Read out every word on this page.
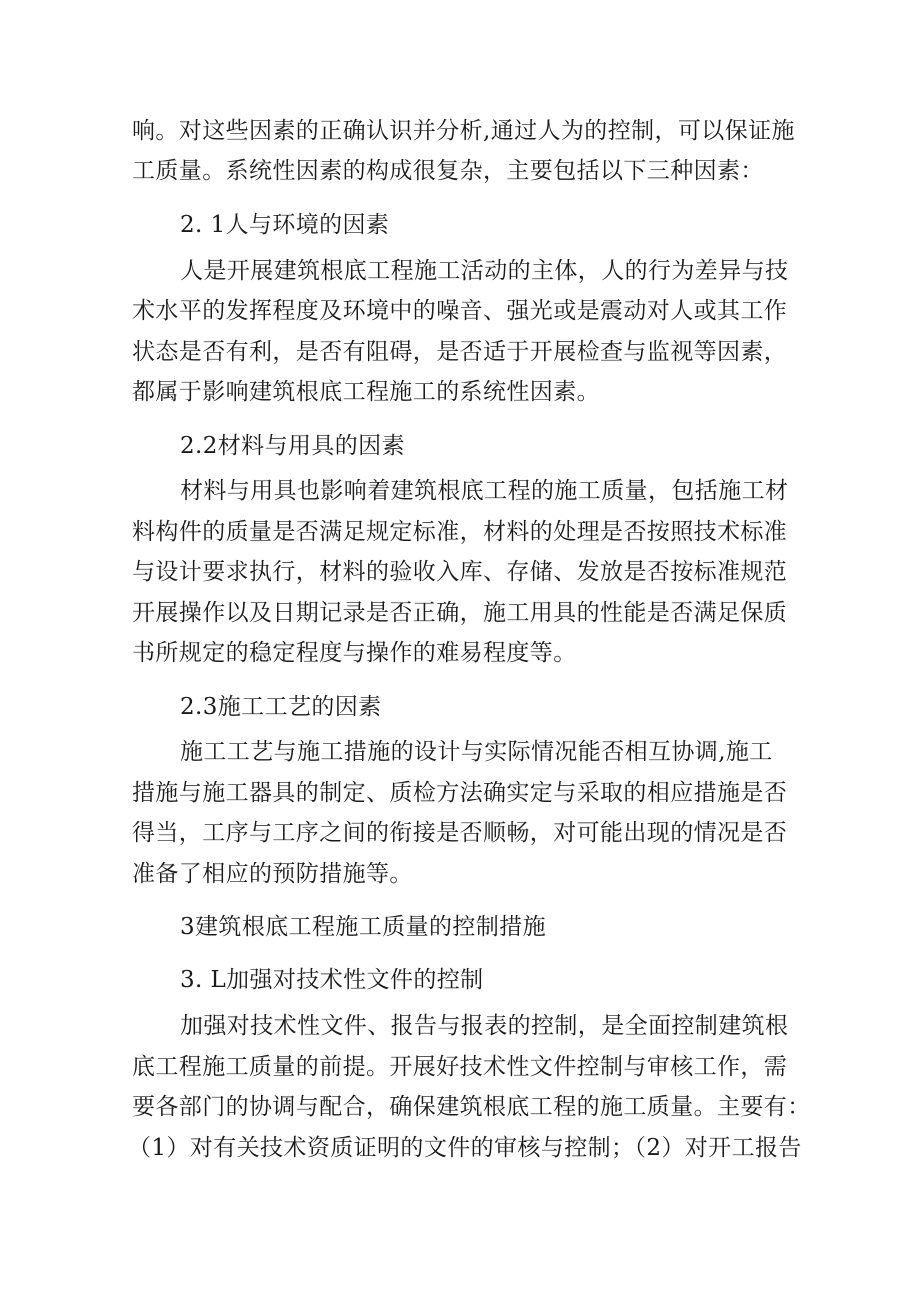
响。对这些因素的正确认识并分析,通过人为的控制，可以保证施
工质量。系统性因素的构成很复杂，主要包括以下三种因素：
2. 1人与环境的因素
人是开展建筑根底工程施工活动的主体，人的行为差异与技
术水平的发挥程度及环境中的噪音、强光或是震动对人或其工作
状态是否有利，是否有阻碍，是否适于开展检查与监视等因素，
都属于影响建筑根底工程施工的系统性因素。
2.2材料与用具的因素
材料与用具也影响着建筑根底工程的施工质量，包括施工材
料构件的质量是否满足规定标准，材料的处理是否按照技术标准
与设计要求执行，材料的验收入库、存储、发放是否按标准规范
开展操作以及日期记录是否正确，施工用具的性能是否满足保质
书所规定的稳定程度与操作的难易程度等。
2.3施工工艺的因素
施工工艺与施工措施的设计与实际情况能否相互协调,施工
措施与施工器具的制定、质检方法确实定与采取的相应措施是否
得当，工序与工序之间的衔接是否顺畅，对可能出现的情况是否
准备了相应的预防措施等。
3建筑根底工程施工质量的控制措施
3. L加强对技术性文件的控制
加强对技术性文件、报告与报表的控制，是全面控制建筑根
底工程施工质量的前提。开展好技术性文件控制与审核工作，需
要各部门的协调与配合，确保建筑根底工程的施工质量。主要有：
（1）对有关技术资质证明的文件的审核与控制；（2）对开工报告
